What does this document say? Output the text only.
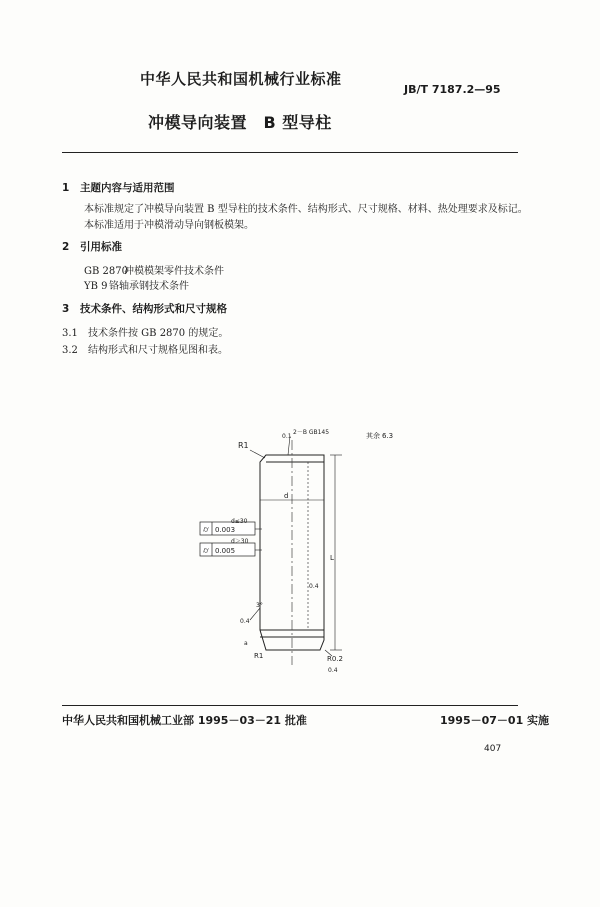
中华人民共和国机械行业标准
JB/T 7187.2—95
冲模导向装置　B 型导柱
1 主题内容与适用范围
本标准规定了冲模导向装置 B 型导柱的技术条件、结构形式、尺寸规格、材料、热处理要求及标记。
本标准适用于冲模滑动导向钢板模架。
2 引用标准
GB 2870冲模模架零件技术条件
YB 9 铬轴承钢技术条件
3 技术条件、结构形式和尺寸规格
3.1 技术条件按 GB 2870 的规定。
3.2 结构形式和尺寸规格见图和表。
R1
2－B GB145
0.1	其余 6.3
d
L
0.4
⌭
⌭
0.003
d≤30
0.005
d＞30
3°
0.4
a
R1	R0.2
0.4
中华人民共和国机械工业部 1995－03－21 批准	1995－07－01 实施
407
